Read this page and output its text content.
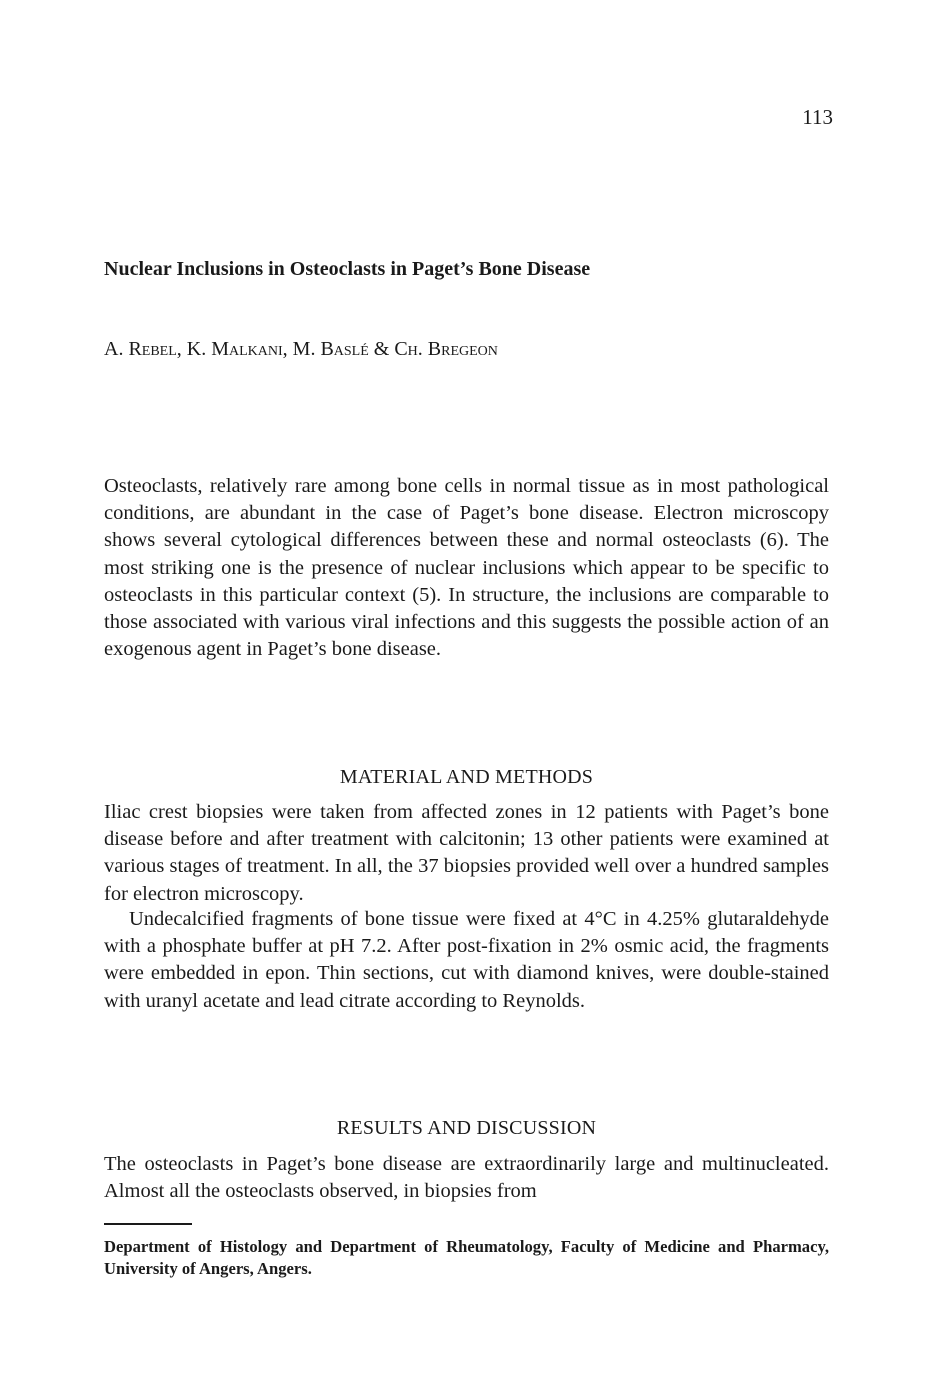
113
Nuclear Inclusions in Osteoclasts in Paget’s Bone Disease
A. Rebel, K. Malkani, M. Baslé & Ch. Bregeon

Osteoclasts, relatively rare among bone cells in normal tissue as in most pathological conditions, are abundant in the case of Paget’s bone disease. Electron microscopy shows several cytological differences between these and normal osteoclasts (6). The most striking one is the presence of nuclear inclusions which appear to be specific to osteoclasts in this particular context (5). In structure, the inclusions are comparable to those associated with various viral infections and this suggests the possible action of an exogenous agent in Paget’s bone disease.

MATERIAL AND METHODS

Iliac crest biopsies were taken from affected zones in 12 patients with Paget’s bone disease before and after treatment with calcitonin; 13 other patients were examined at various stages of treatment. In all, the 37 biopsies provided well over a hundred samples for electron microscopy.

Undecalcified fragments of bone tissue were fixed at 4°C in 4.25% glutaraldehyde with a phosphate buffer at pH 7.2. After post-fixation in 2% osmic acid, the fragments were embedded in epon. Thin sections, cut with diamond knives, were double-stained with uranyl acetate and lead citrate according to Reynolds.

RESULTS AND DISCUSSION

The osteoclasts in Paget’s bone disease are extraordinarily large and multinucleated. Almost all the osteoclasts observed, in biopsies from

Department of Histology and Department of Rheumatology, Faculty of Medicine and Pharmacy, University of Angers, Angers.
